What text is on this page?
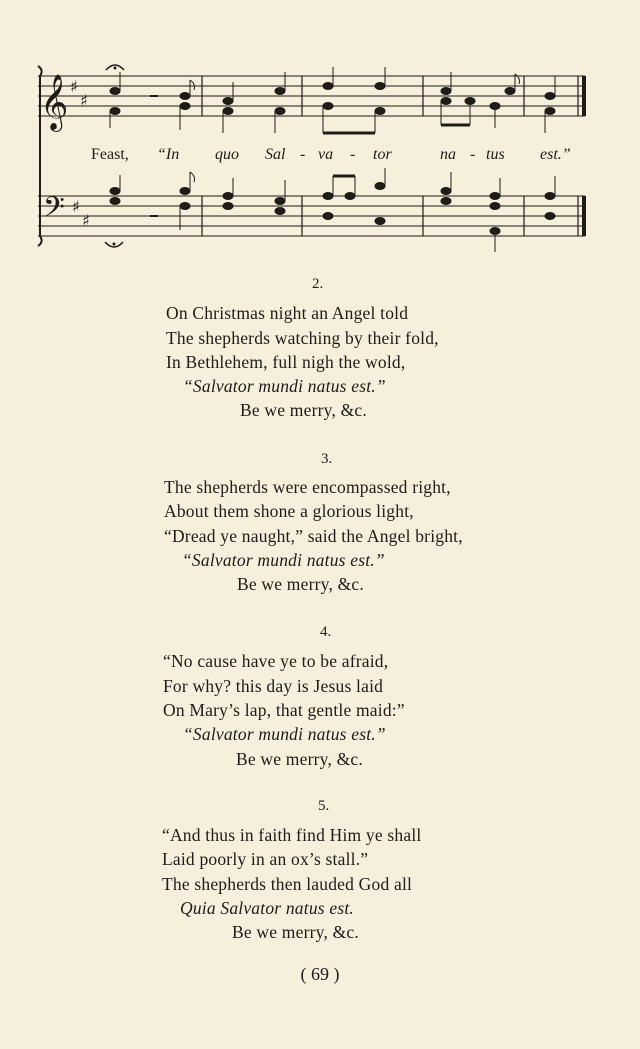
𝄞
𝄢
♯
♯
♯
♯
Feast, “In quo Sal - va - tor	na - tus est.”
2.
On Christmas night an Angel told
The shepherds watching by their fold,
In Bethlehem, full nigh the wold,
“Salvator mundi natus est.”
Be we merry, &c.
3.
The shepherds were encompassed right,
About them shone a glorious light,
“Dread ye naught,” said the Angel bright,
“Salvator mundi natus est.”
Be we merry, &c.
4.
“No cause have ye to be afraid,
For why? this day is Jesus laid
On Mary’s lap, that gentle maid:”
“Salvator mundi natus est.”
Be we merry, &c.
5.
“And thus in faith find Him ye shall
Laid poorly in an ox’s stall.”
The shepherds then lauded God all
Quia Salvator natus est.
Be we merry, &c.
( 69 )
